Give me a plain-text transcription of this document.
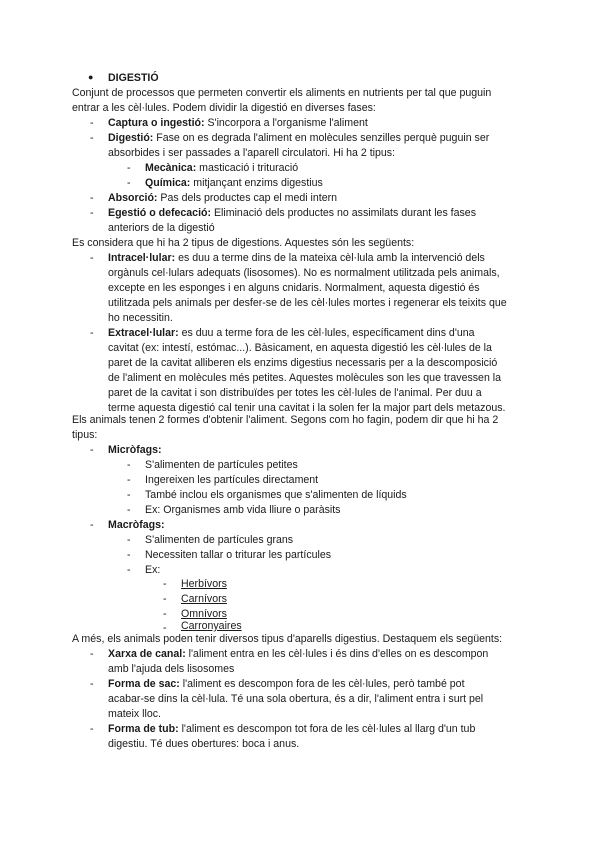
● DIGESTIÓ
Conjunt de processos que permeten convertir els aliments en nutrients per tal que puguin
entrar a les cèl·lules. Podem dividir la digestió en diverses fases:
- Captura o ingestió: S'incorpora a l'organisme l'aliment
- Digestió: Fase on es degrada l'aliment en molècules senzilles perquè puguin ser
absorbides i ser passades a l'aparell circulatori. Hi ha 2 tipus:
- Mecànica: masticació i trituració
- Química: mitjançant enzims digestius
- Absorció: Pas dels productes cap el medi intern
- Egestió o defecació: Eliminació dels productes no assimilats durant les fases
anteriors de la digestió
Es considera que hi ha 2 tipus de digestions. Aquestes són les següents:
- Intracel·lular: es duu a terme dins de la mateixa cèl·lula amb la intervenció dels
orgànuls cel·lulars adequats (lisosomes). No es normalment utilitzada pels animals,
excepte en les esponges i en alguns cnidaris. Normalment, aquesta digestió és
utilitzada pels animals per desfer-se de les cèl·lules mortes i regenerar els teixits que
ho necessitin.
- Extracel·lular: es duu a terme fora de les cèl·lules, específicament dins d'una
cavitat (ex: intestí, estómac...). Bàsicament, en aquesta digestió les cèl·lules de la
paret de la cavitat alliberen els enzims digestius necessaris per a la descomposició
de l'aliment en molècules més petites. Aquestes molècules son les que travessen la
paret de la cavitat i son distribuïdes per totes les cèl·lules de l'animal. Per duu a
terme aquesta digestió cal tenir una cavitat i la solen fer la major part dels metazous.
Els animals tenen 2 formes d'obtenir l'aliment. Segons com ho fagin, podem dir que hi ha 2
tipus:
- Micròfags:
- S'alimenten de partícules petites
- Ingereixen les partícules directament
- També inclou els organismes que s'alimenten de líquids
- Ex: Organismes amb vida lliure o paràsits
- Macròfags:
- S'alimenten de partícules grans
- Necessiten tallar o triturar les partícules
- Ex:
- Herbívors
- Carnívors
- Omnívors
- Carronyaires
A més, els animals poden tenir diversos tipus d'aparells digestius. Destaquem els següents:
- Xarxa de canal: l'aliment entra en les cèl·lules i és dins d'elles on es descompon
amb l'ajuda dels lisosomes
- Forma de sac: l'aliment es descompon fora de les cèl·lules, però també pot
acabar-se dins la cèl·lula. Té una sola obertura, és a dir, l'aliment entra i surt pel
mateix lloc.
- Forma de tub: l'aliment es descompon tot fora de les cèl·lules al llarg d'un tub
digestiu. Té dues obertures: boca i anus.
